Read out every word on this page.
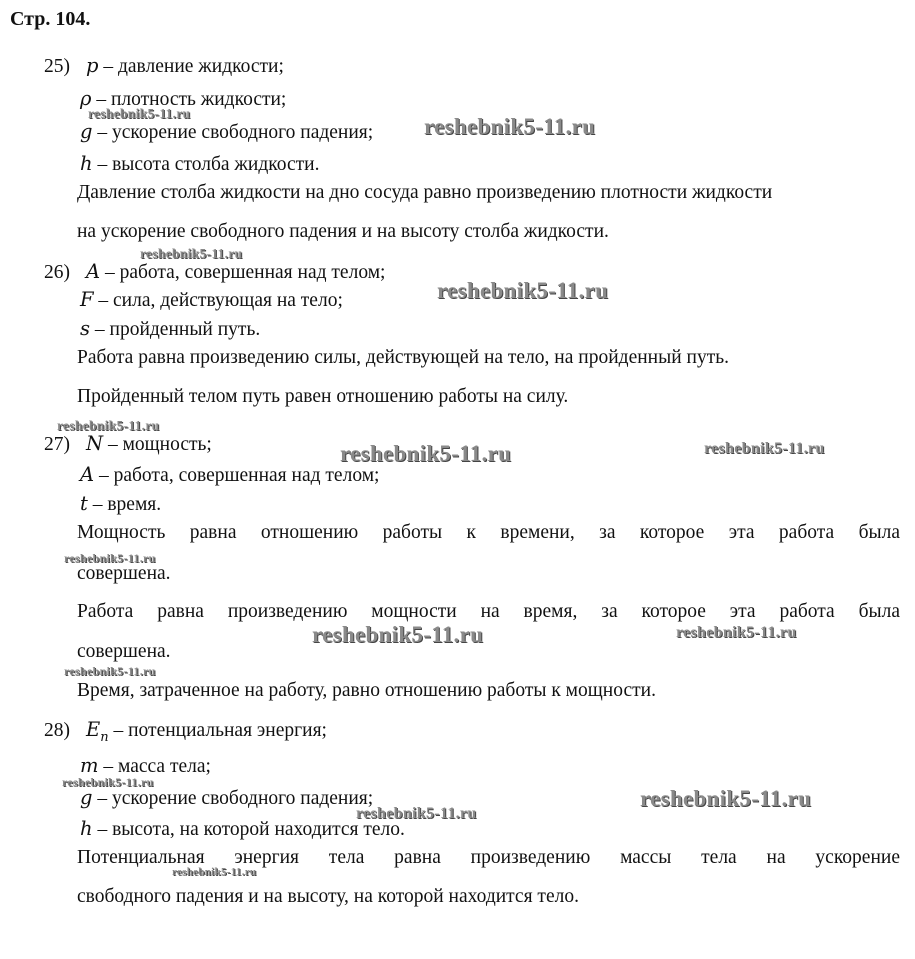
Стр. 104.
25) p – давление жидкости;
ρ – плотность жидкости;
g – ускорение свободного падения;
h – высота столба жидкости.
Давление столба жидкости на дно сосуда равно произведению плотности жидкости
на ускорение свободного падения и на высоту столба жидкости.
26) A – работа, совершенная над телом;
F – сила, действующая на тело;
s – пройденный путь.
Работа равна произведению силы, действующей на тело, на пройденный путь.
Пройденный телом путь равен отношению работы на силу.
27) N – мощность;
A – работа, совершенная над телом;
t – время.
Мощность равна отношению работы к времени, за которое эта работа была
совершена.
Работа равна произведению мощности на время, за которое эта работа была
совершена.
Время, затраченное на работу, равно отношению работы к мощности.
28) $E_п$ – потенциальная энергия;
m – масса тела;
g – ускорение свободного падения;
h – высота, на которой находится тело.
Потенциальная энергия тела равна произведению массы тела на ускорение
свободного падения и на высоту, на которой находится тело.
reshebnik5-11.ru
reshebnik5-11.ru
reshebnik5-11.ru
reshebnik5-11.ru
reshebnik5-11.ru
reshebnik5-11.ru	reshebnik5-11.ru
reshebnik5-11.ru
reshebnik5-11.ru	reshebnik5-11.ru
reshebnik5-11.ru
reshebnik5-11.ru
reshebnik5-11.ru
reshebnik5-11.ru
reshebnik5-11.ru
